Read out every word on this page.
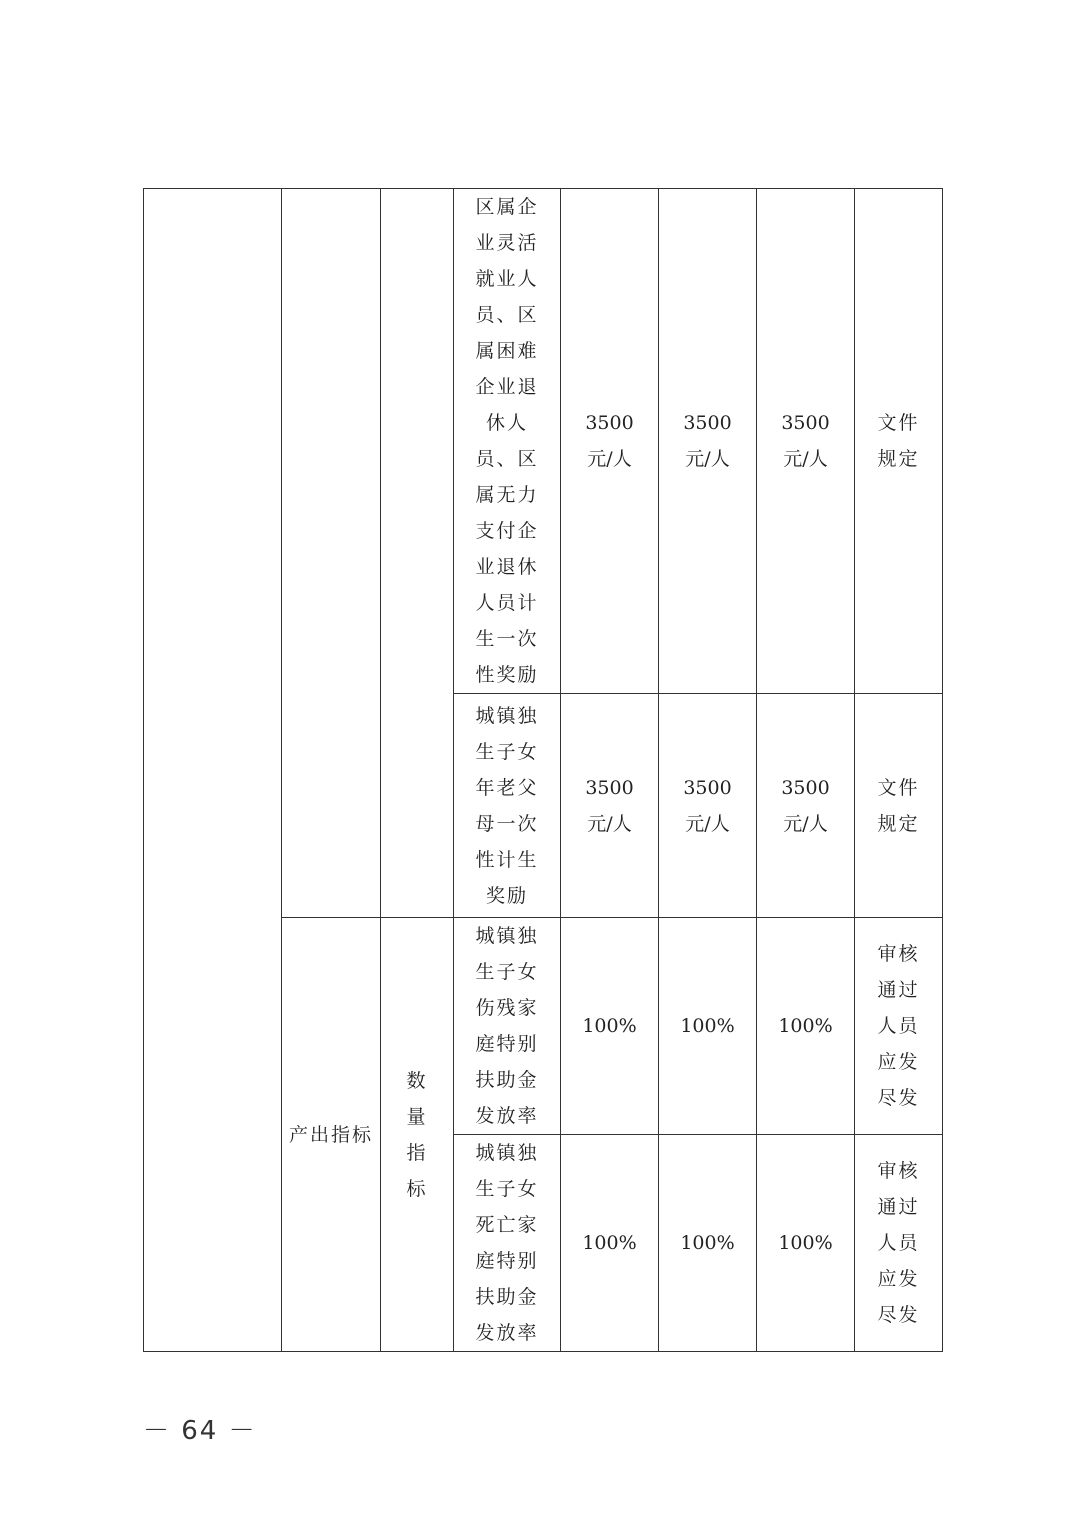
			区属企业灵活就业人员、区属困难企业退休人员、区属无力支付企业退休人员计生一次性奖励	3500 元/人	3500 元/人	3500 元/人	文件规定
			城镇独生子女年老父母一次性计生奖励	3500 元/人	3500 元/人	3500 元/人	文件规定
	产出指标	数量指标	城镇独生子女伤残家庭特别扶助金发放率	100%	100%	100%	审核通过人员应发尽发
			城镇独生子女死亡家庭特别扶助金发放率	100%	100%	100%	审核通过人员应发尽发
－ 64 －
